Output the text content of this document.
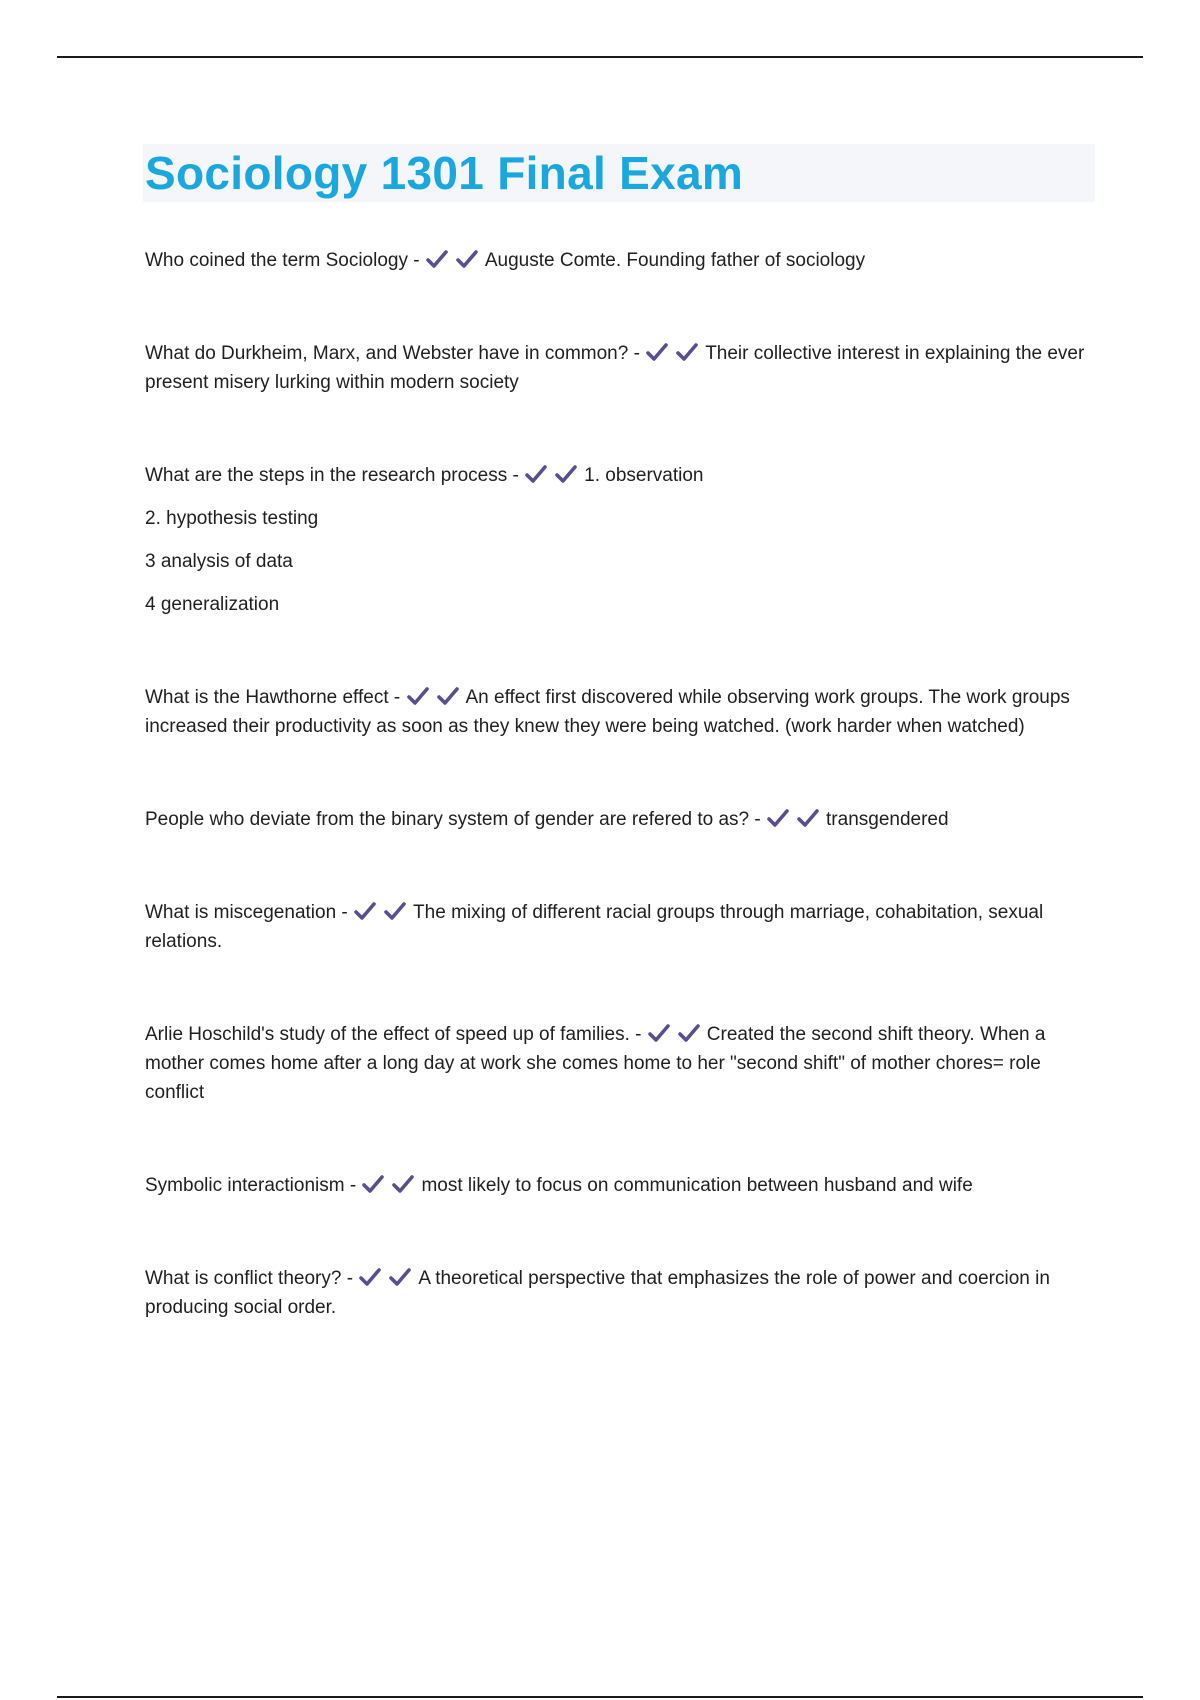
Sociology 1301 Final Exam

Who coined the term Sociology -	Auguste Comte. Founding father of sociology

What do Durkheim, Marx, and Webster have in common? -	Their collective interest in explaining the ever present misery lurking within modern society

What are the steps in the research process -	1. observation

2. hypothesis testing

3 analysis of data

4 generalization

What is the Hawthorne effect -	An effect first discovered while observing work groups. The work groups increased their productivity as soon as they knew they were being watched. (work harder when watched)

People who deviate from the binary system of gender are refered to as? -	transgendered

What is miscegenation -	The mixing of different racial groups through marriage, cohabitation, sexual relations.

Arlie Hoschild's study of the effect of speed up of families. -	Created the second shift theory. When a mother comes home after a long day at work she comes home to her "second shift" of mother chores= role conflict

Symbolic interactionism -	most likely to focus on communication between husband and wife

What is conflict theory? -	A theoretical perspective that emphasizes the role of power and coercion in producing social order.
